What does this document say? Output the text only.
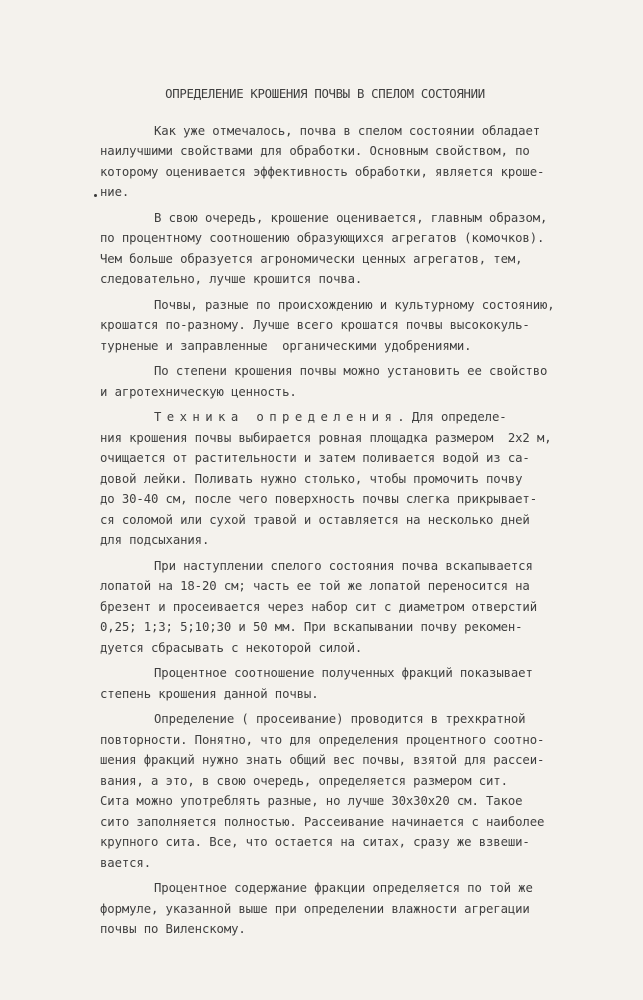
ОПРЕДЕЛЕНИЕ КРОШЕНИЯ ПОЧВЫ В СПЕЛОМ СОСТОЯНИИ
Как уже отмечалось, почва в спелом состоянии обладает
наилучшими свойствами для обработки. Основным свойством, по
которому оценивается эффективность обработки, является кроше-
ние.
В свою очередь, крошение оценивается, главным образом,
по процентному соотношению образующихся агрегатов (комочков).
Чем больше образуется агрономически ценных агрегатов, тем,
следовательно, лучше крошится почва.
Почвы, разные по происхождению и культурному состоянию,
крошатся по-разному. Лучше всего крошатся почвы высококуль-
турненые и заправленные  органическими удобрениями.
По степени крошения почвы можно установить ее свойство
и агротехническую ценность.
Техника определения. Для определе-
ния крошения почвы выбирается ровная площадка размером  2х2 м,
очищается от растительности и затем поливается водой из са-
довой лейки. Поливать нужно столько, чтобы промочить почву
до 30-40 см, после чего поверхность почвы слегка прикрывает-
ся соломой или сухой травой и оставляется на несколько дней
для подсыхания.
При наступлении спелого состояния почва вскапывается
лопатой на 18-20 см; часть ее той же лопатой переносится на
брезент и просеивается через набор сит с диаметром отверстий
0,25; 1;3; 5;10;30 и 50 мм. При вскапывании почву рекомен-
дуется сбрасывать с некоторой силой.
Процентное соотношение полученных фракций показывает
степень крошения данной почвы.
Определение ( просеивание) проводится в трехкратной
повторности. Понятно, что для определения процентного соотно-
шения фракций нужно знать общий вес почвы, взятой для рассеи-
вания, а это, в свою очередь, определяется размером сит.
Сита можно употреблять разные, но лучше 30х30х20 см. Такое
сито заполняется полностью. Рассеивание начинается с наиболее
крупного сита. Все, что остается на ситах, сразу же взвеши-
вается.
Процентное содержание фракции определяется по той же
формуле, указанной выше при определении влажности агрегации
почвы по Виленскому.
